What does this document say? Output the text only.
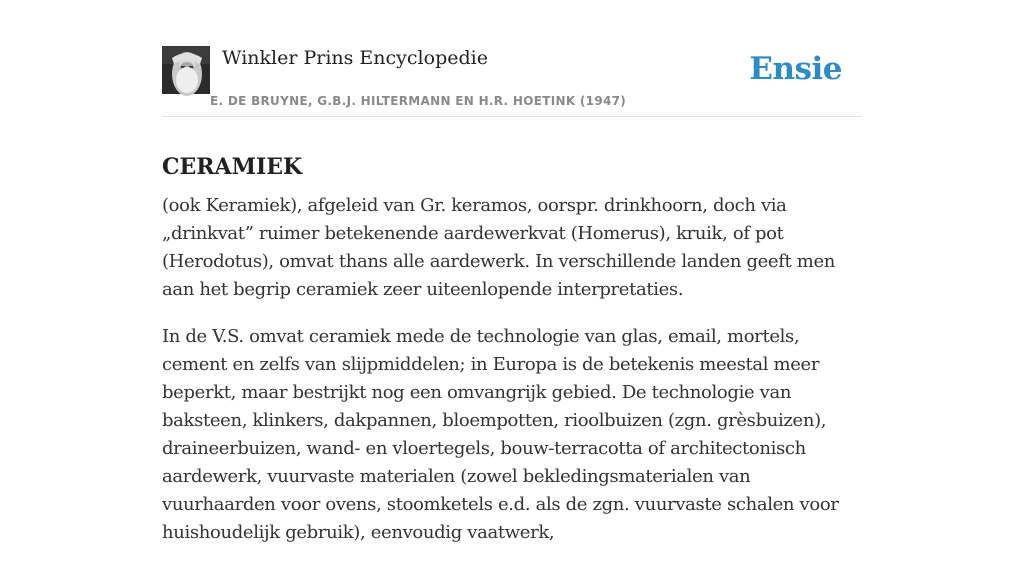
Winkler Prins Encyclopedie
E. DE BRUYNE, G.B.J. HILTERMANN EN H.R. HOETINK (1947)
Ensie
CERAMIEK

(ook Keramiek), afgeleid van Gr. keramos, oorspr. drinkhoorn, doch via „drinkvat” ruimer betekenende aardewerkvat (Homerus), kruik, of pot (Herodotus), omvat thans alle aardewerk. In verschillende landen geeft men aan het begrip ceramiek zeer uiteenlopende interpretaties.

In de V.S. omvat ceramiek mede de technologie van glas, email, mortels, cement en zelfs van slijpmiddelen; in Europa is de betekenis meestal meer beperkt, maar bestrijkt nog een omvangrijk gebied. De technologie van baksteen, klinkers, dakpannen, bloempotten, rioolbuizen (zgn. grèsbuizen), draineerbuizen, wand- en vloertegels, bouw-terracotta of architectonisch aardewerk, vuurvaste materialen (zowel bekledingsmaterialen van vuurhaarden voor ovens, stoomketels e.d. als de zgn. vuurvaste schalen voor huishoudelijk gebruik), eenvoudig vaatwerk,
